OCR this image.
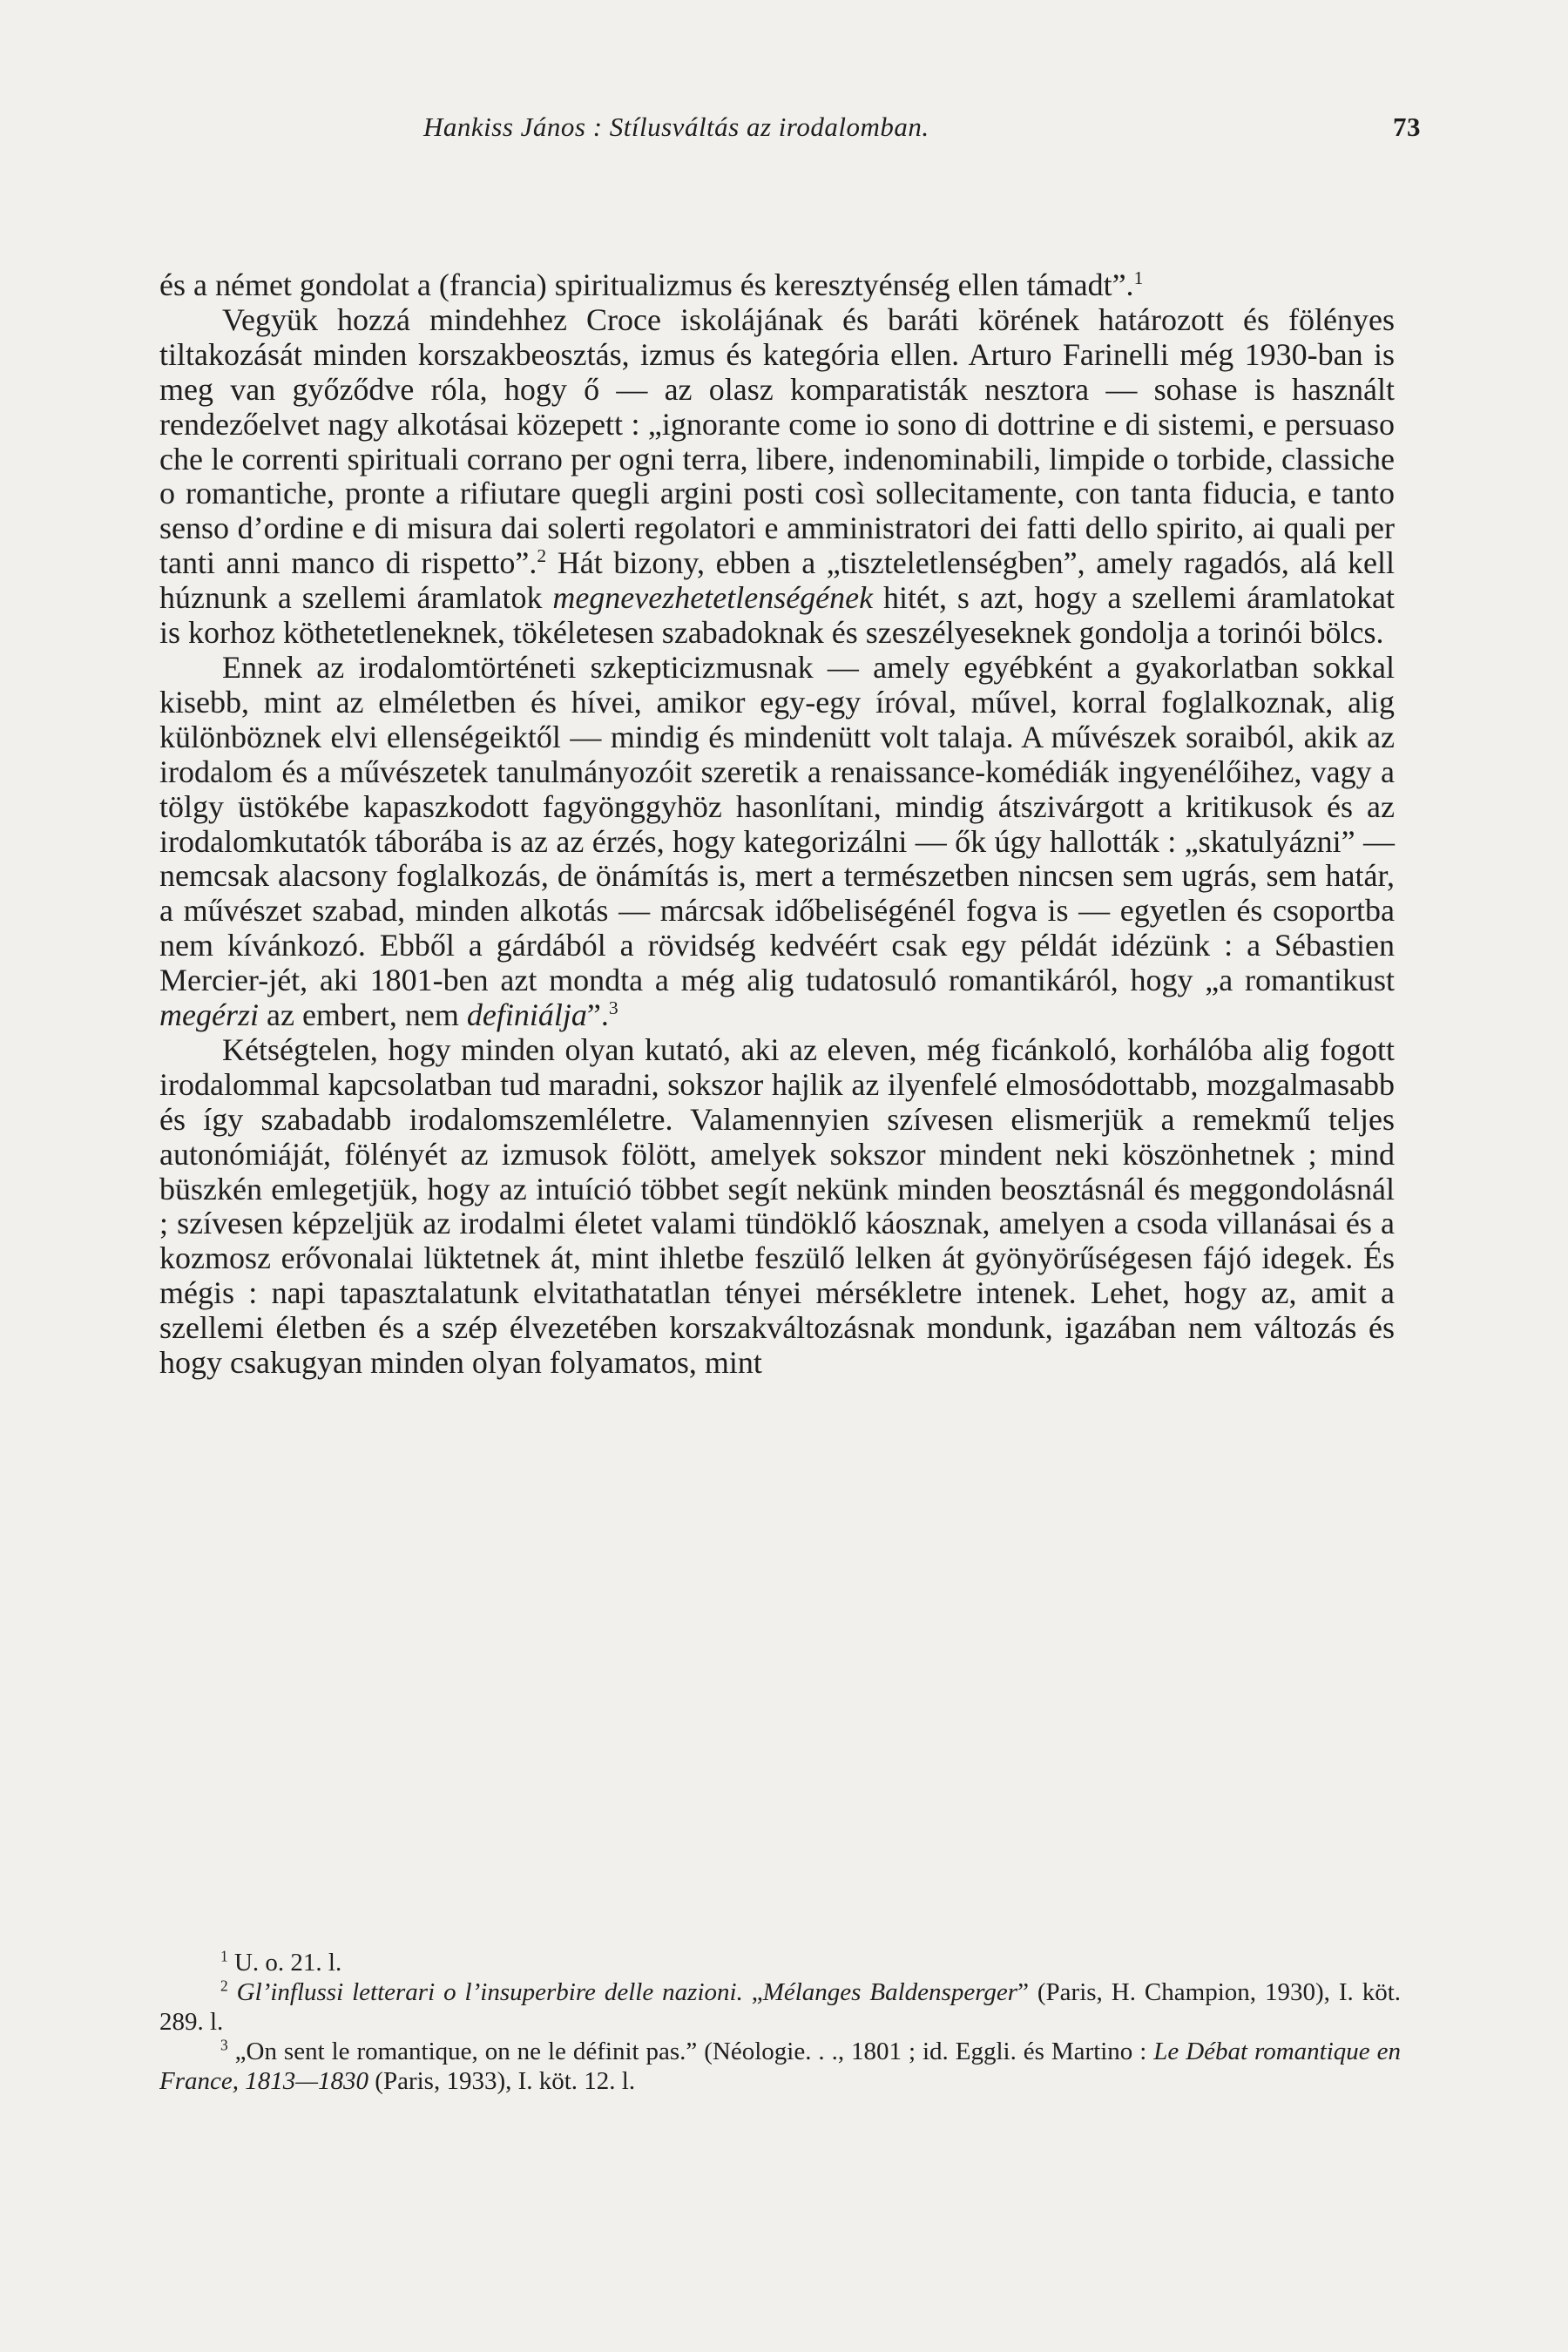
Hankiss János : Stílusváltás az irodalomban.	73

és a német gondolat a (francia) spiritualizmus és keresztyénség ellen támadt”.$^1$

Vegyük hozzá mindehhez Croce iskolájának és baráti körének határozott és fölényes tiltakozását minden korszakbeosztás, izmus és kategória ellen. Arturo Farinelli még 1930-ban is meg van győződve róla, hogy ő — az olasz komparatisták nesztora — sohase is használt rendezőelvet nagy alkotásai közepett : „ignorante come io sono di dottrine e di sistemi, e persuaso che le correnti spirituali corrano per ogni terra, libere, indenominabili, limpide o torbide, classiche o romantiche, pronte a rifiutare quegli argini posti così sollecitamente, con tanta fiducia, e tanto senso d’ordine e di misura dai solerti regolatori e amministratori dei fatti dello spirito, ai quali per tanti anni manco di rispetto”.$^2$ Hát bizony, ebben a „tiszteletlenségben”, amely ragadós, alá kell húznunk a szellemi áramlatok megnevezhetetlenségének hitét, s azt, hogy a szellemi áramlatokat is korhoz köthetetleneknek, tökéletesen szabadoknak és szeszélyeseknek gondolja a torinói bölcs.

Ennek az irodalomtörténeti szkepticizmusnak — amely egyébként a gyakorlatban sokkal kisebb, mint az elméletben és hívei, amikor egy-egy íróval, művel, korral foglalkoznak, alig különböznek elvi ellenségeiktől — mindig és mindenütt volt talaja. A művészek soraiból, akik az irodalom és a művészetek tanulmányozóit szeretik a renaissance-komédiák ingyenélőihez, vagy a tölgy üstökébe kapaszkodott fagyönggyhöz hasonlítani, mindig átszivárgott a kritikusok és az irodalomkutatók táborába is az az érzés, hogy kategorizálni — ők úgy hallották : „skatulyázni” — nemcsak alacsony foglalkozás, de önámítás is, mert a természetben nincsen sem ugrás, sem határ, a művészet szabad, minden alkotás — márcsak időbeliségénél fogva is — egyetlen és csoportba nem kívánkozó. Ebből a gárdából a rövidség kedvéért csak egy példát idézünk : a Sébastien Mercier-jét, aki 1801-ben azt mondta a még alig tudatosuló romantikáról, hogy „a romantikust megérzi az embert, nem definiálja”.$^3$

Kétségtelen, hogy minden olyan kutató, aki az eleven, még ficánkoló, korhálóba alig fogott irodalommal kapcsolatban tud maradni, sokszor hajlik az ilyenfelé elmosódottabb, mozgalmasabb és így szabadabb irodalomszemléletre. Valamennyien szívesen elismerjük a remekmű teljes autonómiáját, fölényét az izmusok fölött, amelyek sokszor mindent neki köszönhetnek ; mind büszkén emlegetjük, hogy az intuíció többet segít nekünk minden beosztásnál és meggondolásnál ; szívesen képzeljük az irodalmi életet valami tündöklő káosznak, amelyen a csoda villanásai és a kozmosz erővonalai lüktetnek át, mint ihletbe feszülő lelken át gyönyörűségesen fájó idegek. És mégis : napi tapasztalatunk elvitathatatlan tényei mérsékletre intenek. Lehet, hogy az, amit a szellemi életben és a szép élvezetében korszakváltozásnak mondunk, igazában nem változás és hogy csakugyan minden olyan folyamatos, mint

$^1$ U. o. 21. l.

$^2$ Gl’influssi letterari o l’insuperbire delle nazioni. „Mélanges Baldensperger” (Paris, H. Champion, 1930), I. köt. 289. l.

$^3$ „On sent le romantique, on ne le définit pas.” (Néologie. . ., 1801 ; id. Eggli. és Martino : Le Débat romantique en France, 1813—1830 (Paris, 1933), I. köt. 12. l.
